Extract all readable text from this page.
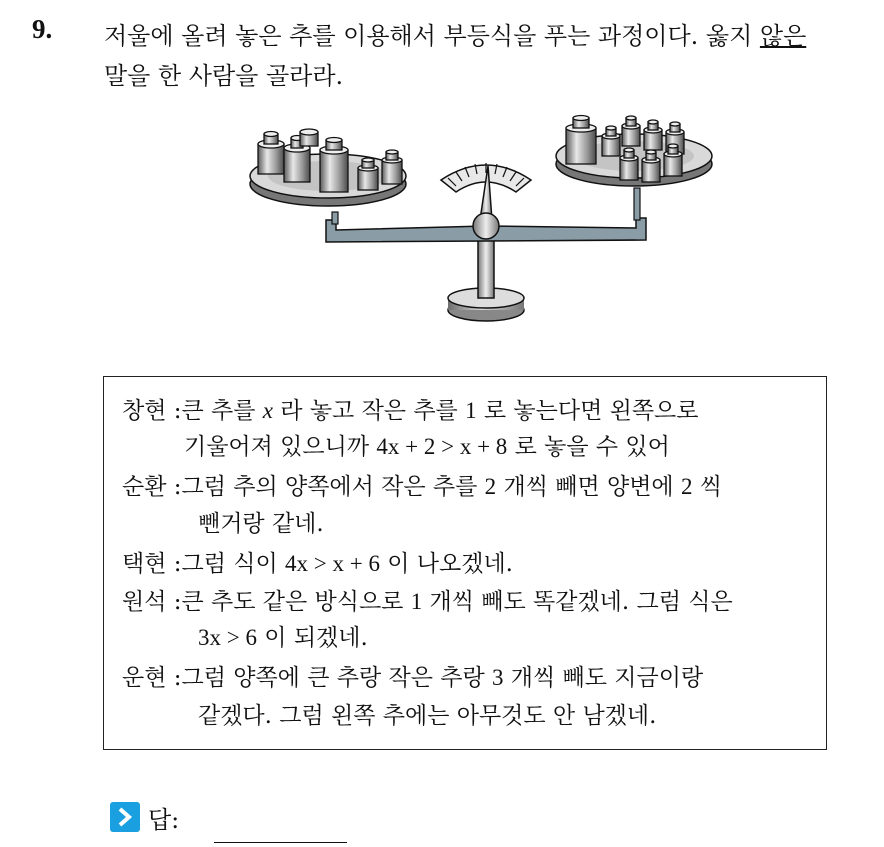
9. 저울에 올려 놓은 추를 이용해서 부등식을 푸는 과정이다. 옳지 않은
말을 한 사람을 골라라.
창현 :큰 추를 x 라 놓고 작은 추를 1 로 놓는다면 왼쪽으로
기울어져 있으니까 4x + 2 > x + 8 로 놓을 수 있어
순환 :그럼 추의 양쪽에서 작은 추를 2 개씩 빼면 양변에 2 씩
뺀거랑 같네.
택현 :그럼 식이 4x > x + 6 이 나오겠네.
원석 :큰 추도 같은 방식으로 1 개씩 빼도 똑같겠네. 그럼 식은
3x > 6 이 되겠네.
운현 :그럼 양쪽에 큰 추랑 작은 추랑 3 개씩 빼도 지금이랑
같겠다. 그럼 왼쪽 추에는 아무것도 안 남겠네.
답:
